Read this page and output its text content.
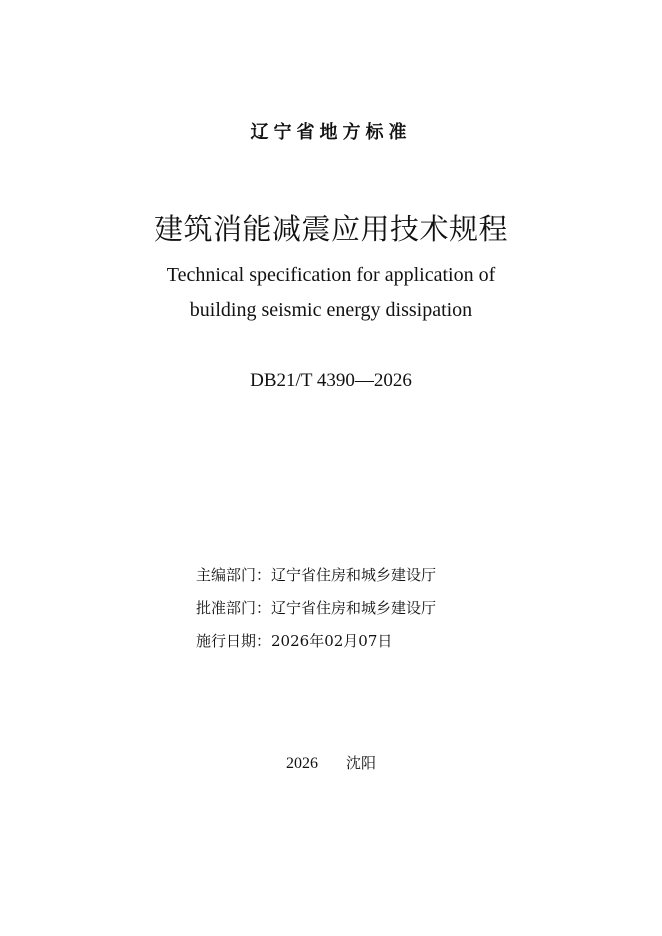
辽宁省地方标准
建筑消能减震应用技术规程
Technical specification for application of
building seismic energy dissipation
DB21/T 4390—2026
主编部门：辽宁省住房和城乡建设厅
批准部门：辽宁省住房和城乡建设厅
施行日期：2026年02月07日
2026 沈阳
